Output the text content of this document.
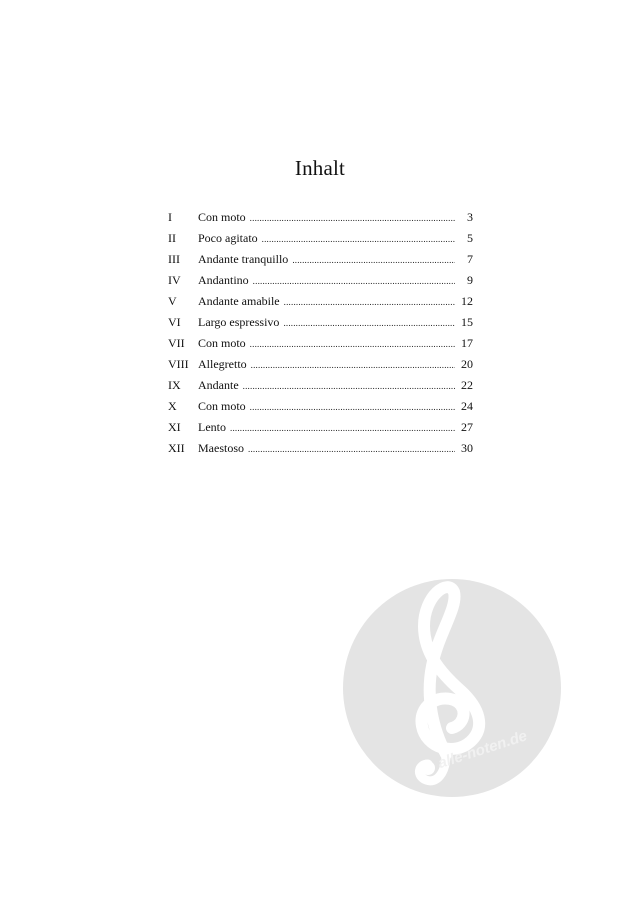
Inhalt
I	Con moto .....	3
II	Poco agitato .....	5
III	Andante tranquillo .....	7
IV	Andantino .....	9
V	Andante amabile .....	12
VI	Largo espressivo .....	15
VII	Con moto .....	17
VIII Allegretto .....	20
IX	Andante .....	22
X	Con moto .....	24
XI	Lento .....	27
XII	Maestoso .....	30
alle-noten.de
